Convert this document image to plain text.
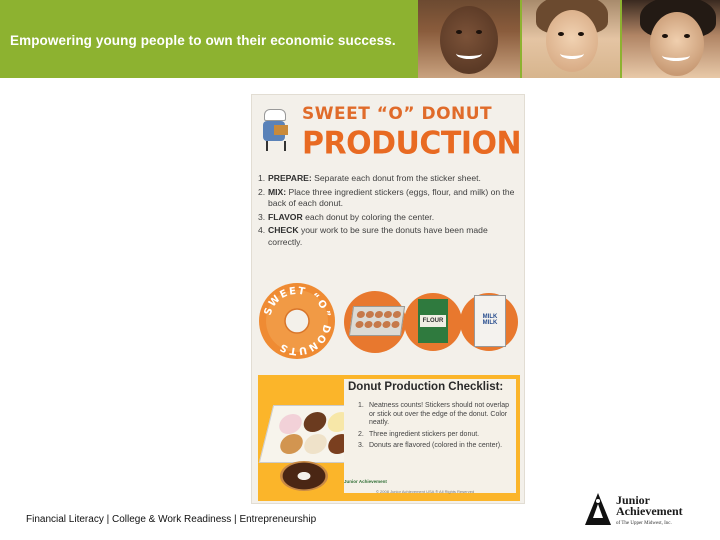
Empowering young people to own their economic success.
SWEET “O” DONUT
PRODUCTION
1. PREPARE: Separate each donut from the sticker sheet.
2. MIX: Place three ingredient stickers (eggs, flour, and milk) on the back of each donut.
3. FLAVOR each donut by coloring the center.
4. CHECK your work to be sure the donuts have been made correctly.
SWEET “O” DONUTS
FLOUR
MILK MILK
Donut Production Checklist:
1. Neatness counts! Stickers should not overlap or stick out over the edge of the donut. Color neatly.
2. Three ingredient stickers per donut.
3. Donuts are flavored (colored in the center).
Junior Achievement
© 2008 Junior Achievement USA ® All Rights Reserved
Financial Literacy | College & Work Readiness | Entrepreneurship
Junior
Achievement
of The Upper Midwest, Inc.
